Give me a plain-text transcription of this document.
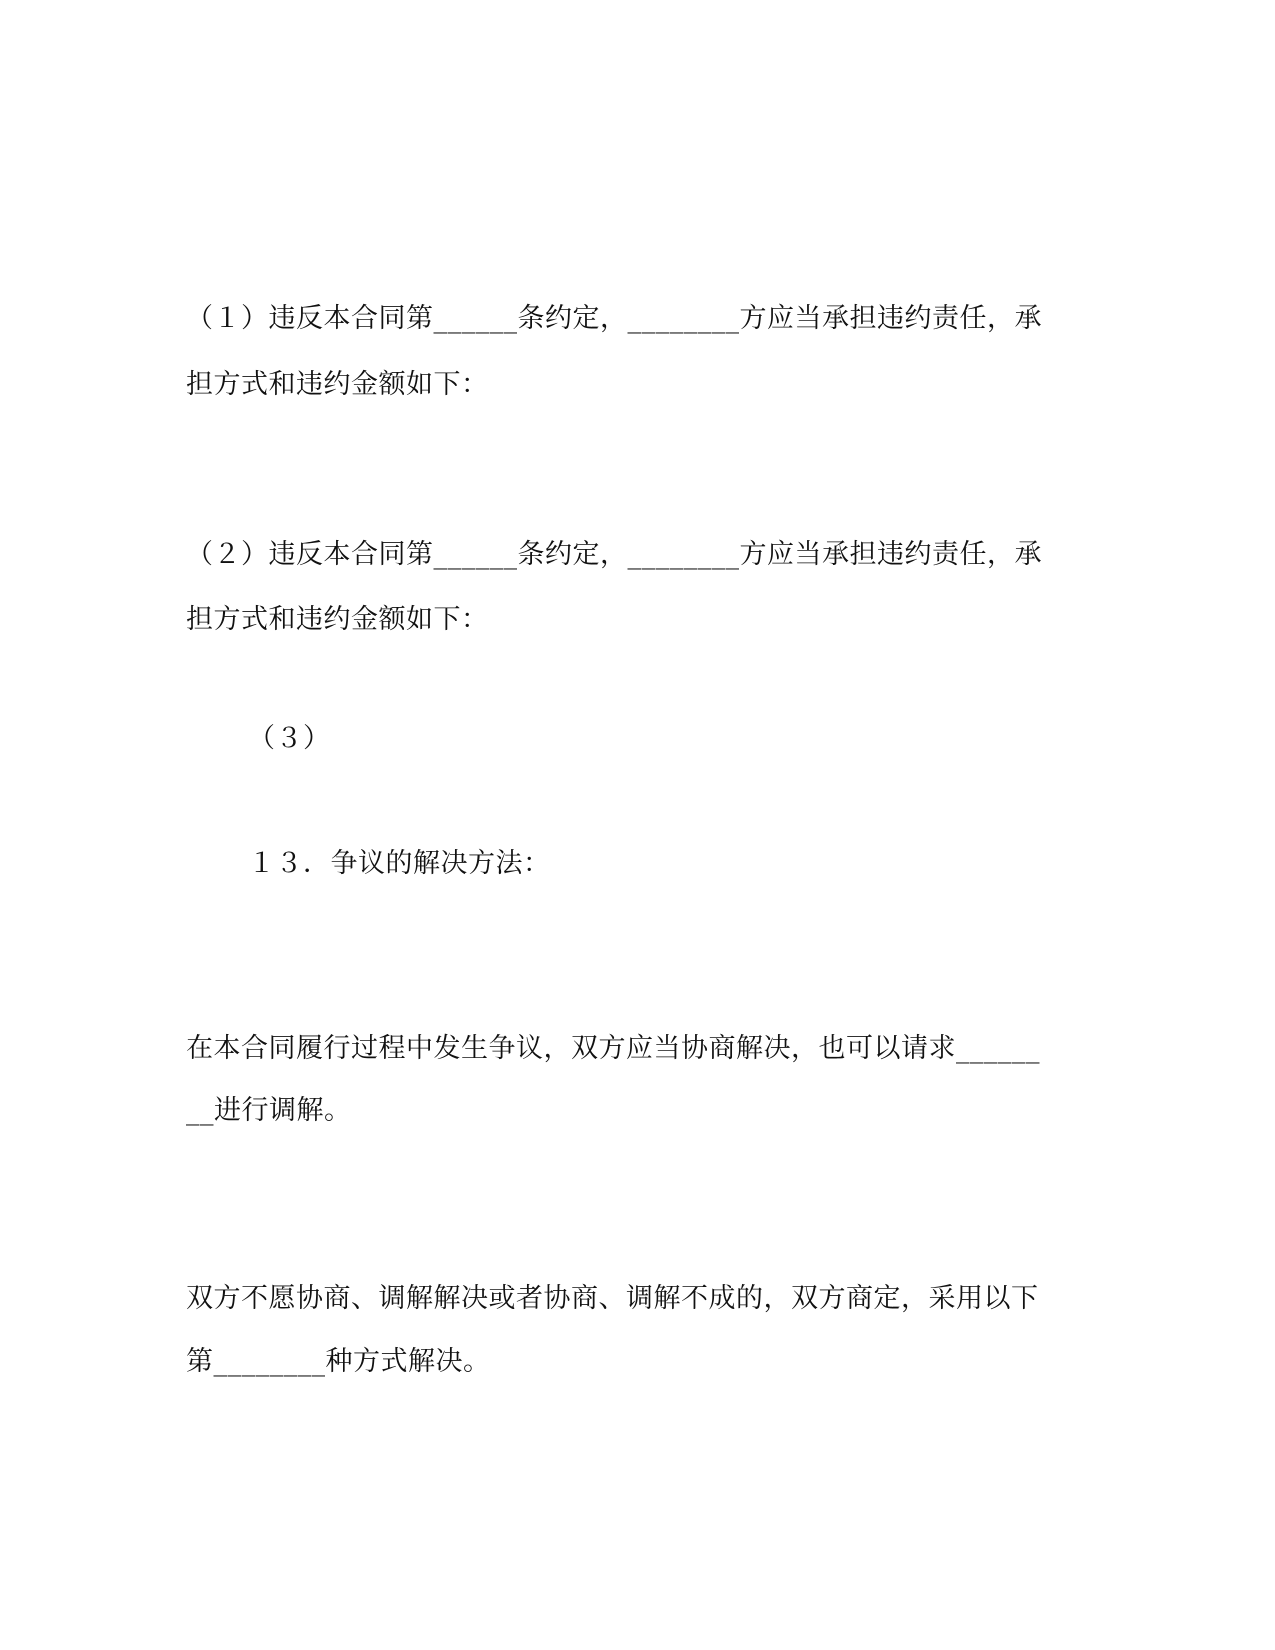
（１）违反本合同第______条约定，________方应当承担违约责任，承
担方式和违约金额如下：
（２）违反本合同第______条约定，________方应当承担违约责任，承
担方式和违约金额如下：
（３）
１３．争议的解决方法：
在本合同履行过程中发生争议，双方应当协商解决，也可以请求______
__进行调解。
双方不愿协商、调解解决或者协商、调解不成的，双方商定，采用以下
第________种方式解决。
